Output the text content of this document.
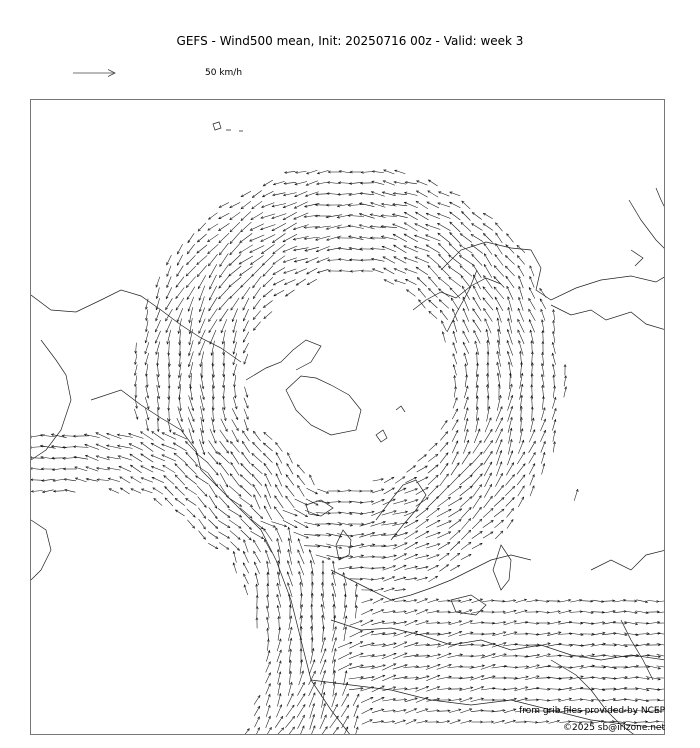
GEFS - Wind500 mean, Init: 20250716 00z - Valid: week 3
50 km/h
from grib files provided by NCEP
©2025 sb@irizone.net
